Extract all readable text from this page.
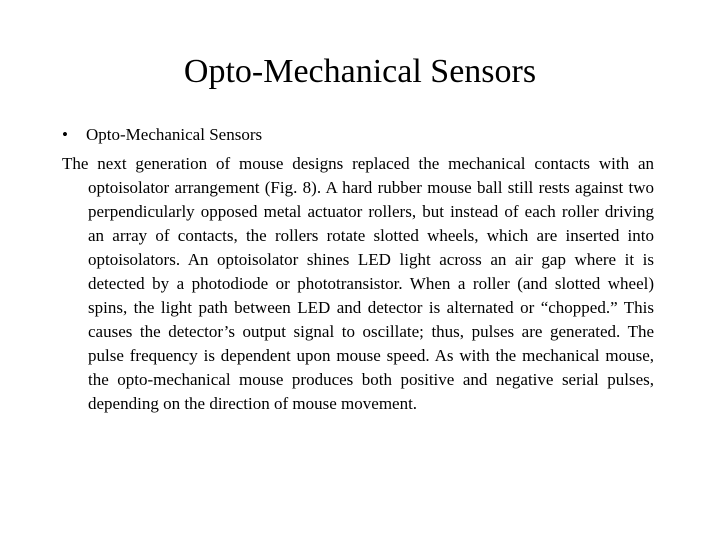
Opto-Mechanical Sensors

• Opto-Mechanical Sensors

The next generation of mouse designs replaced the mechanical contacts with an optoisolator arrangement (Fig. 8). A hard rubber mouse ball still rests against two perpendicularly opposed metal actuator rollers, but instead of each roller driving an array of contacts, the rollers rotate slotted wheels, which are inserted into optoisolators. An optoisolator shines LED light across an air gap where it is detected by a photodiode or phototransistor. When a roller (and slotted wheel) spins, the light path between LED and detector is alternated or “chopped.” This causes the detector’s output signal to oscillate; thus, pulses are generated. The pulse frequency is dependent upon mouse speed. As with the mechanical mouse, the opto-mechanical mouse produces both positive and negative serial pulses, depending on the direction of mouse movement.
